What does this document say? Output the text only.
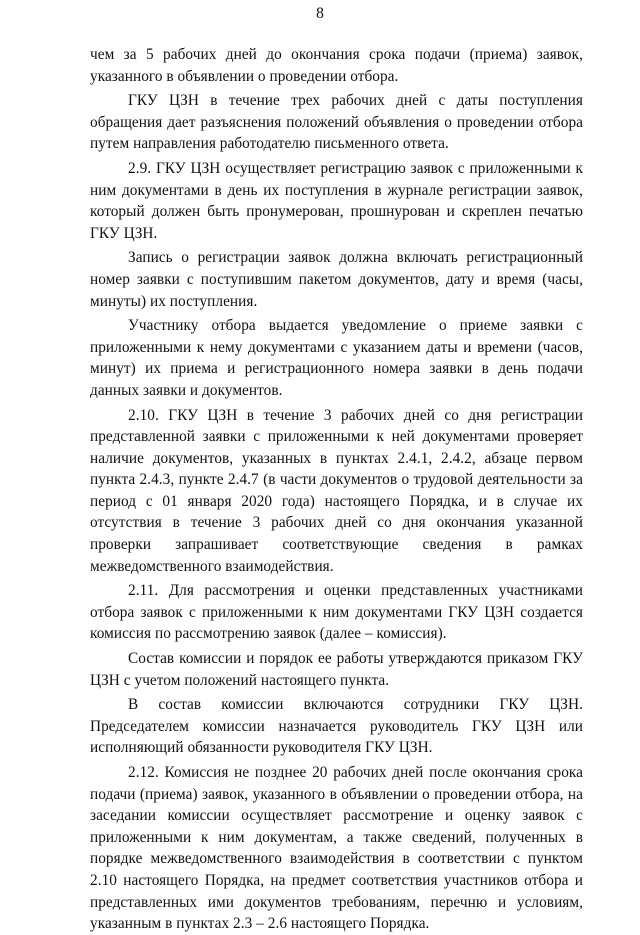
8

чем за 5 рабочих дней до окончания срока подачи (приема) заявок, указанного в объявлении о проведении отбора.

ГКУ ЦЗН в течение трех рабочих дней с даты поступления обращения дает разъяснения положений объявления о проведении отбора путем направления работодателю письменного ответа.

2.9. ГКУ ЦЗН осуществляет регистрацию заявок с приложенными к ним документами в день их поступления в журнале регистрации заявок, который должен быть пронумерован, прошнурован и скреплен печатью ГКУ ЦЗН.

Запись о регистрации заявок должна включать регистрационный номер заявки с поступившим пакетом документов, дату и время (часы, минуты) их поступления.

Участнику отбора выдается уведомление о приеме заявки с приложенными к нему документами с указанием даты и времени (часов, минут) их приема и регистрационного номера заявки в день подачи данных заявки и документов.

2.10. ГКУ ЦЗН в течение 3 рабочих дней со дня регистрации представленной заявки с приложенными к ней документами проверяет наличие документов, указанных в пунктах 2.4.1, 2.4.2, абзаце первом пункта 2.4.3, пункте 2.4.7 (в части документов о трудовой деятельности за период с 01 января 2020 года) настоящего Порядка, и в случае их отсутствия в течение 3 рабочих дней со дня окончания указанной проверки запрашивает соответствующие сведения в рамках межведомственного взаимодействия.

2.11. Для рассмотрения и оценки представленных участниками отбора заявок с приложенными к ним документами ГКУ ЦЗН создается комиссия по рассмотрению заявок (далее – комиссия).

Состав комиссии и порядок ее работы утверждаются приказом ГКУ ЦЗН с учетом положений настоящего пункта.

В состав комиссии включаются сотрудники ГКУ ЦЗН. Председателем комиссии назначается руководитель ГКУ ЦЗН или исполняющий обязанности руководителя ГКУ ЦЗН.

2.12. Комиссия не позднее 20 рабочих дней после окончания срока подачи (приема) заявок, указанного в объявлении о проведении отбора, на заседании комиссии осуществляет рассмотрение и оценку заявок с приложенными к ним документам, а также сведений, полученных в порядке межведомственного взаимодействия в соответствии с пунктом 2.10 настоящего Порядка, на предмет соответствия участников отбора и представленных ими документов требованиям, перечню и условиям, указанным в пунктах 2.3 – 2.6 настоящего Порядка.
